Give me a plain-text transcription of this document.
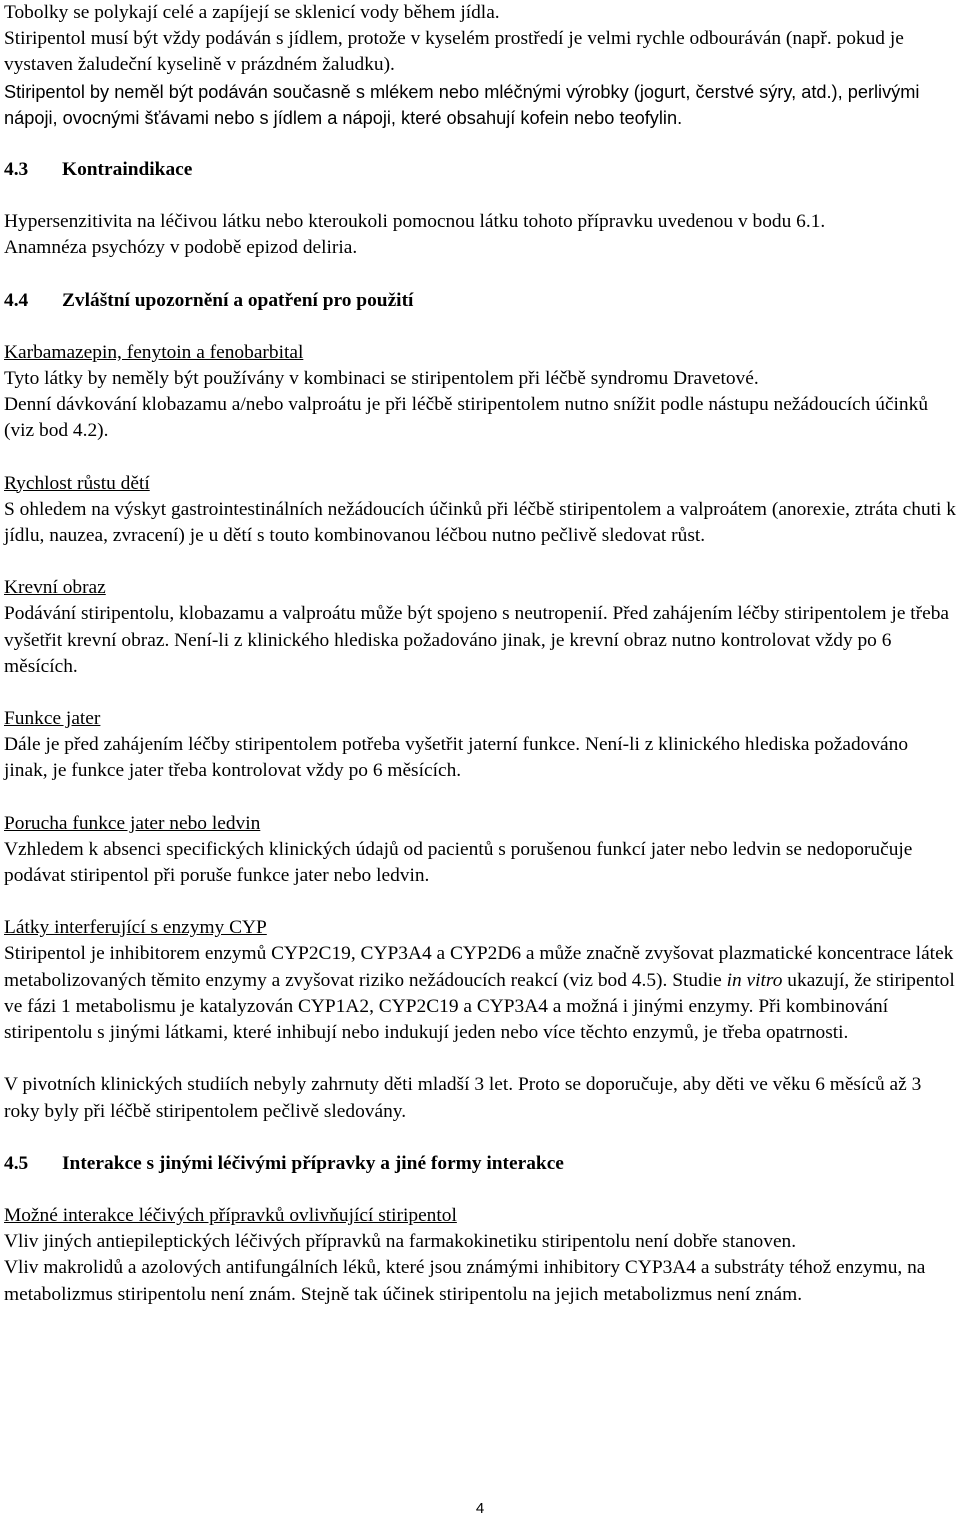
Tobolky se polykají celé a zapíjejí se sklenicí vody během jídla.

Stiripentol musí být vždy podáván s jídlem, protože v kyselém prostředí je velmi rychle odbouráván (např. pokud je vystaven žaludeční kyselině v prázdném žaludku).

Stiripentol by neměl být podáván současně s mlékem nebo mléčnými výrobky (jogurt, čerstvé sýry, atd.), perlivými nápoji, ovocnými šťávami nebo s jídlem a nápoji, které obsahují kofein nebo teofylin.

4.3 Kontraindikace

Hypersenzitivita na léčivou látku nebo kteroukoli pomocnou látku tohoto přípravku uvedenou v bodu 6.1.

Anamnéza psychózy v podobě epizod deliria.

4.4 Zvláštní upozornění a opatření pro použití

Karbamazepin, fenytoin a fenobarbital

Tyto látky by neměly být používány v kombinaci se stiripentolem při léčbě syndromu Dravetové.

Denní dávkování klobazamu a/nebo valproátu je při léčbě stiripentolem nutno snížit podle nástupu nežádoucích účinků (viz bod 4.2).

Rychlost růstu dětí

S ohledem na výskyt gastrointestinálních nežádoucích účinků při léčbě stiripentolem a valproátem (anorexie, ztráta chuti k jídlu, nauzea, zvracení) je u dětí s touto kombinovanou léčbou nutno pečlivě sledovat růst.

Krevní obraz

Podávání stiripentolu, klobazamu a valproátu může být spojeno s neutropenií. Před zahájením léčby stiripentolem je třeba vyšetřit krevní obraz. Není-li z klinického hlediska požadováno jinak, je krevní obraz nutno kontrolovat vždy po 6 měsících.

Funkce jater

Dále je před zahájením léčby stiripentolem potřeba vyšetřit jaterní funkce. Není-li z klinického hlediska požadováno jinak, je funkce jater třeba kontrolovat vždy po 6 měsících.

Porucha funkce jater nebo ledvin

Vzhledem k absenci specifických klinických údajů od pacientů s porušenou funkcí jater nebo ledvin se nedoporučuje podávat stiripentol při poruše funkce jater nebo ledvin.

Látky interferující s enzymy CYP

Stiripentol je inhibitorem enzymů CYP2C19, CYP3A4 a CYP2D6 a může značně zvyšovat plazmatické koncentrace látek metabolizovaných těmito enzymy a zvyšovat riziko nežádoucích reakcí (viz bod 4.5). Studie in vitro ukazují, že stiripentol ve fázi 1 metabolismu je katalyzován CYP1A2, CYP2C19 a CYP3A4 a možná i jinými enzymy. Při kombinování stiripentolu s jinými látkami, které inhibují nebo indukují jeden nebo více těchto enzymů, je třeba opatrnosti.

V pivotních klinických studiích nebyly zahrnuty děti mladší 3 let. Proto se doporučuje, aby děti ve věku 6 měsíců až 3 roky byly při léčbě stiripentolem pečlivě sledovány.

4.5 Interakce s jinými léčivými přípravky a jiné formy interakce

Možné interakce léčivých přípravků ovlivňující stiripentol

Vliv jiných antiepileptických léčivých přípravků na farmakokinetiku stiripentolu není dobře stanoven.

Vliv makrolidů a azolových antifungálních léků, které jsou známými inhibitory CYP3A4 a substráty téhož enzymu, na metabolizmus stiripentolu není znám. Stejně tak účinek stiripentolu na jejich metabolizmus není znám.

4
